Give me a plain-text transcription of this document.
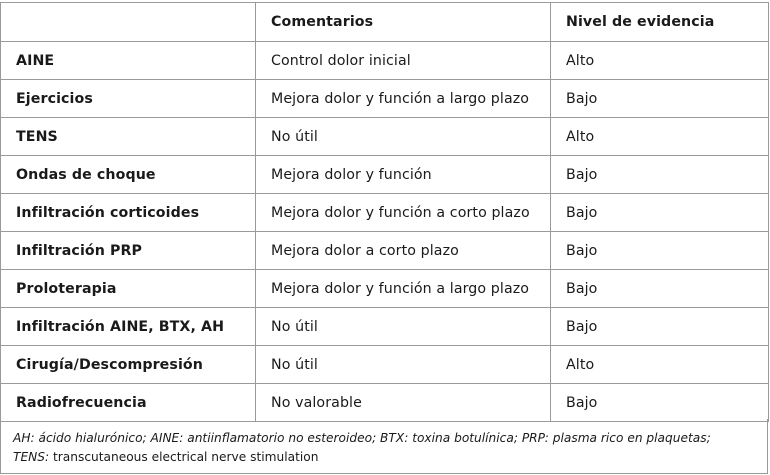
	Comentarios	Nivel de evidencia
AINE	Control dolor inicial	Alto
Ejercicios	Mejora dolor y función a largo plazo	Bajo
TENS	No útil	Alto
Ondas de choque	Mejora dolor y función	Bajo
Infiltración corticoides	Mejora dolor y función a corto plazo	Bajo
Infiltración PRP	Mejora dolor a corto plazo	Bajo
Proloterapia	Mejora dolor y función a largo plazo	Bajo
Infiltración AINE, BTX, AH	No útil	Bajo
Cirugía/Descompresión	No útil	Alto
Radiofrecuencia	No valorable	Bajo
AH: ácido hialurónico; AINE: antiinflamatorio no esteroideo; BTX: toxina botulínica; PRP: plasma rico en plaquetas;
TENS: transcutaneous electrical nerve stimulation
